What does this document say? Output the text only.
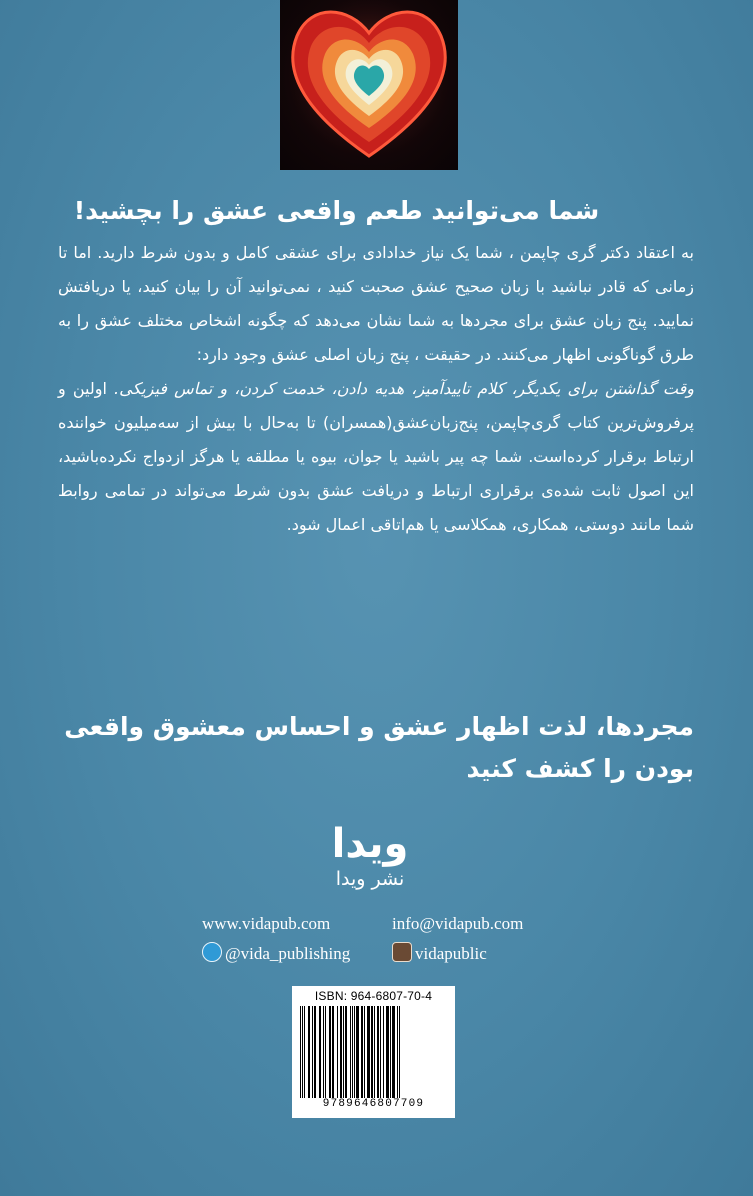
شما می‌توانید طعم واقعی عشق را بچشید!

به اعتقاد دکتر گری چاپمن ، شما یک نیاز خدادادی برای عشقی کامل و بدون شرط دارید. اما تا زمانی که قادر نباشید با زبان صحیح عشق صحبت کنید ، نمی‌توانید آن را بیان کنید، یا دریافتش نمایید. پنج زبان عشق برای مجردها به شما نشان می‌دهد که چگونه اشخاص مختلف عشق را به طرق گوناگونی اظهار می‌کنند. در حقیقت ، پنج زبان اصلی عشق وجود دارد:

وقت گذاشتن برای یکدیگر، کلام تاییدآمیز، هدیه دادن، خدمت کردن، و تماس فیزیکی. اولین و پرفروش‌ترین کتاب گری‌چاپمن، پنج‌زبان‌عشق(همسران) تا به‌حال با بیش از سه‌میلیون خواننده ارتباط برقرار کرده‌است. شما چه پیر باشید یا جوان، بیوه یا مطلقه یا هرگز ازدواج نکرده‌باشید، این اصول ثابت شده‌ی برقراری ارتباط و دریافت عشق بدون شرط می‌تواند در تمامی روابط شما مانند دوستی، همکاری، همکلاسی یا هم‌اتاقی اعمال شود.

مجردها، لذت اظهار عشق و احساس معشوق واقعی بودن را کشف کنید
ویدا
نشر ویدا
www.vidapub.com	info@vidapub.com
@vida_publishing	vidapublic
ISBN: 964-6807-70-4
9789646807709
